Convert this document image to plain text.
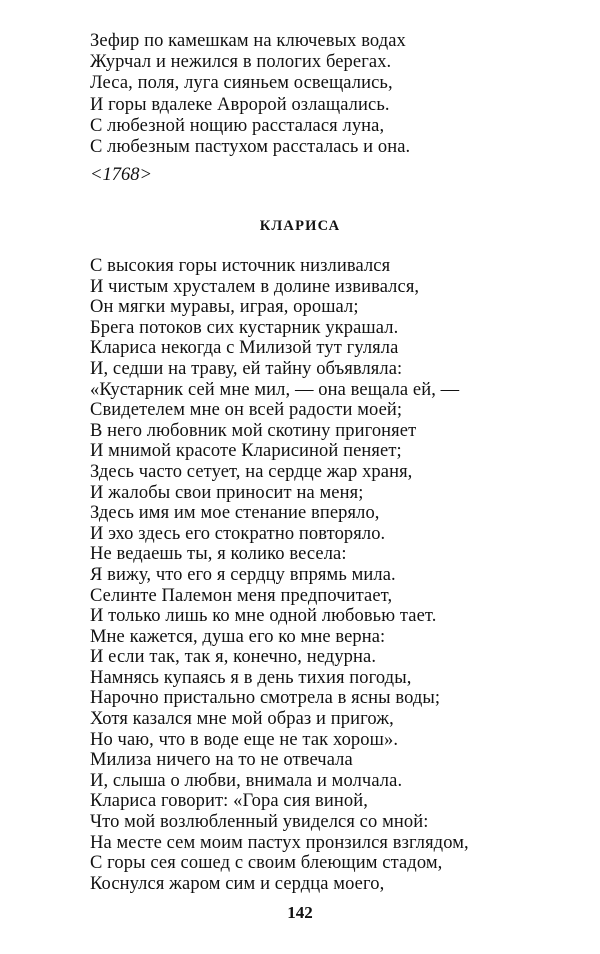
Зефир по камешкам на ключевых водах
Журчал и нежился в пологих берегах.
Леса, поля, луга сияньем освещались,
И горы вдалеке Авророй озлащались.
С любезной нощию рассталася луна,
С любезным пастухом рассталась и она.
<1768>
КЛАРИСА
С высокия горы источник низливался
И чистым хрусталем в долине извивался,
Он мягки муравы, играя, орошал;
Брега потоков сих кустарник украшал.
Клариса некогда с Милизой тут гуляла
И, седши на траву, ей тайну объявляла:
«Кустарник сей мне мил, — она вещала ей, —
Свидетелем мне он всей радости моей;
В него любовник мой скотину пригоняет
И мнимой красоте Кларисиной пеняет;
Здесь часто сетует, на сердце жар храня,
И жалобы свои приносит на меня;
Здесь имя им мое стенание вперяло,
И эхо здесь его стократно повторяло.
Не ведаешь ты, я колико весела:
Я вижу, что его я сердцу впрямь мила.
Селинте Палемон меня предпочитает,
И только лишь ко мне одной любовью тает.
Мне кажется, душа его ко мне верна:
И если так, так я, конечно, недурна.
Намнясь купаясь я в день тихия погоды,
Нарочно пристально смотрела в ясны воды;
Хотя казался мне мой образ и пригож,
Но чаю, что в воде еще не так хорош».
Милиза ничего на то не отвечала
И, слыша о любви, внимала и молчала.
Клариса говорит: «Гора сия виной,
Что мой возлюбленный увиделся со мной:
На месте сем моим пастух пронзился взглядом,
С горы сея сошед с своим блеющим стадом,
Коснулся жаром сим и сердца моего,
142
